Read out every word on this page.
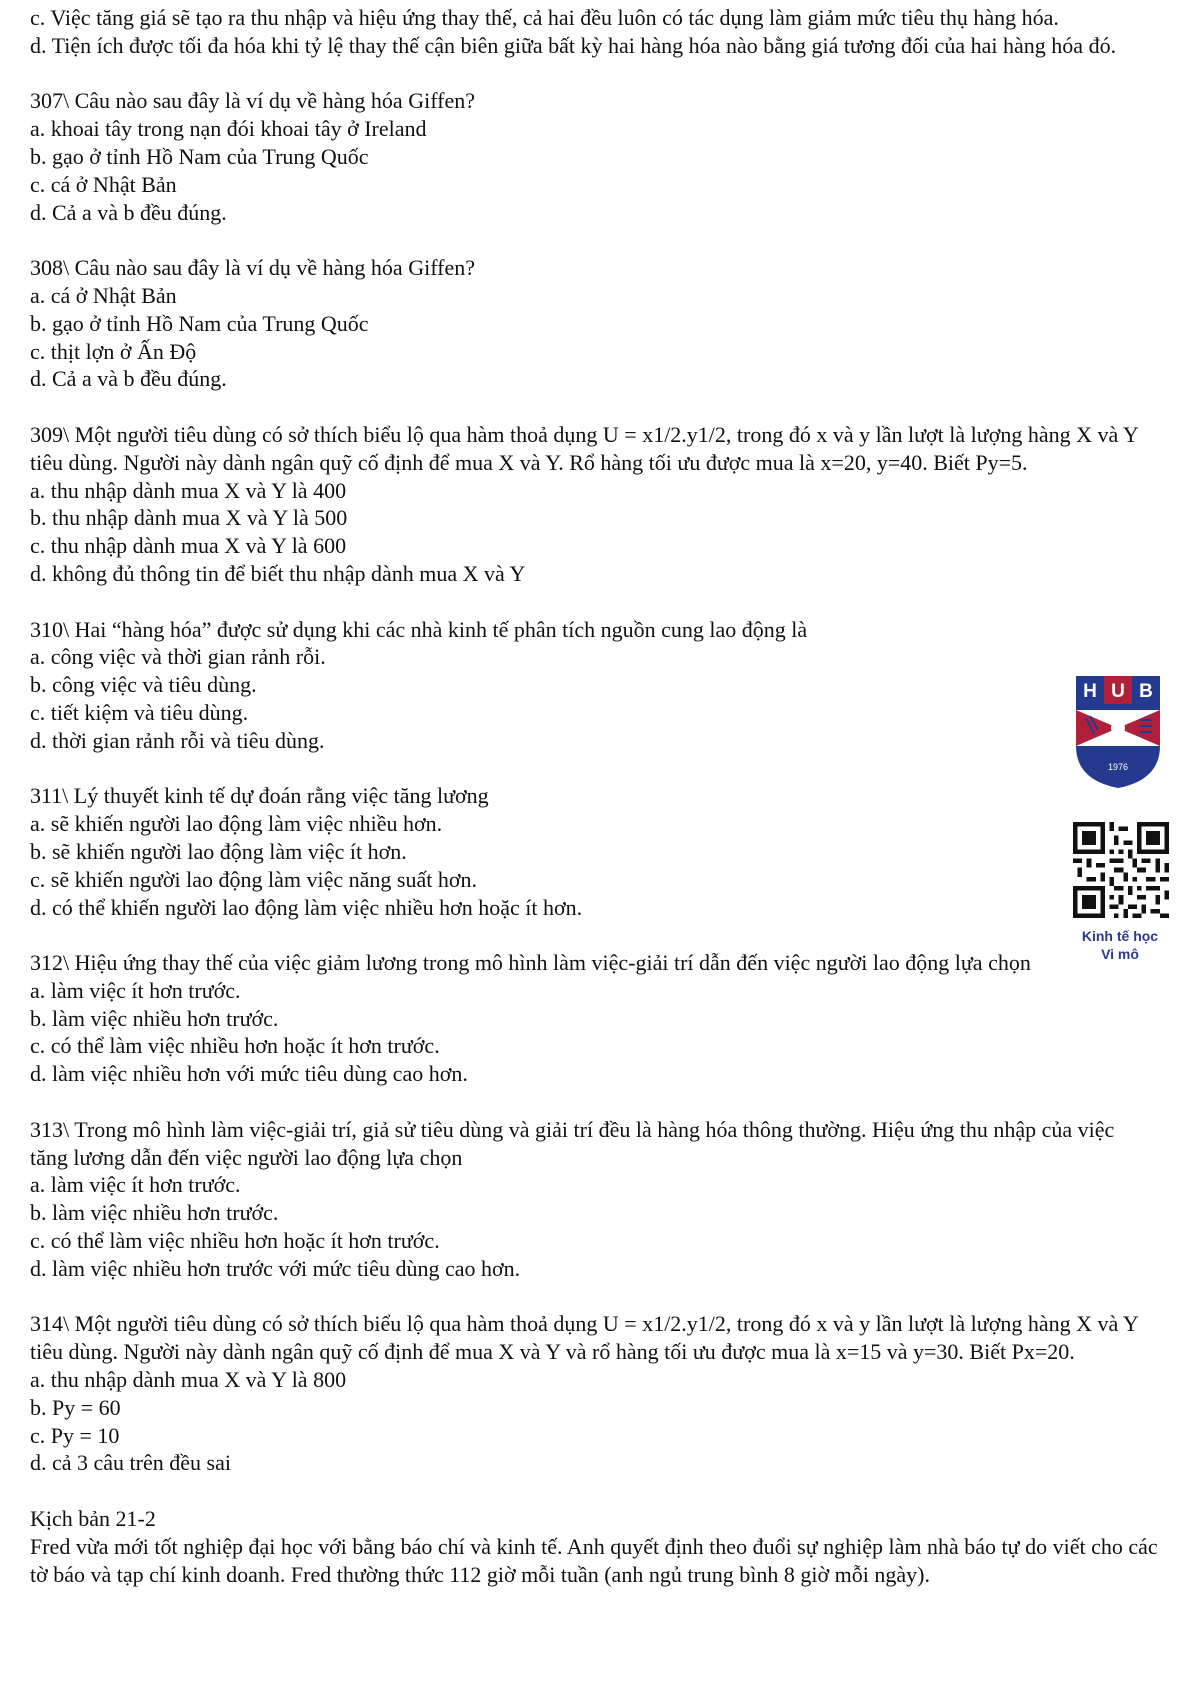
c. Việc tăng giá sẽ tạo ra thu nhập và hiệu ứng thay thế, cả hai đều luôn có tác dụng làm giảm mức tiêu thụ hàng hóa.
d. Tiện ích được tối đa hóa khi tỷ lệ thay thế cận biên giữa bất kỳ hai hàng hóa nào bằng giá tương đối của hai hàng hóa đó.
307\ Câu nào sau đây là ví dụ về hàng hóa Giffen?
a. khoai tây trong nạn đói khoai tây ở Ireland
b. gạo ở tỉnh Hồ Nam của Trung Quốc
c. cá ở Nhật Bản
d. Cả a và b đều đúng.
308\ Câu nào sau đây là ví dụ về hàng hóa Giffen?
a. cá ở Nhật Bản
b. gạo ở tỉnh Hồ Nam của Trung Quốc
c. thịt lợn ở Ấn Độ
d. Cả a và b đều đúng.
309\ Một người tiêu dùng có sở thích biểu lộ qua hàm thoả dụng U = x1/2.y1/2, trong đó x và y lần lượt là lượng hàng X và Y tiêu dùng. Người này dành ngân quỹ cố định để mua X và Y. Rổ hàng tối ưu được mua là x=20, y=40. Biết Py=5.
a. thu nhập dành mua X và Y là 400
b. thu nhập dành mua X và Y là 500
c. thu nhập dành mua X và Y là 600
d. không đủ thông tin để biết thu nhập dành mua X và Y
310\ Hai “hàng hóa” được sử dụng khi các nhà kinh tế phân tích nguồn cung lao động là
a. công việc và thời gian rảnh rỗi.
b. công việc và tiêu dùng.
c. tiết kiệm và tiêu dùng.
d. thời gian rảnh rỗi và tiêu dùng.
311\ Lý thuyết kinh tế dự đoán rằng việc tăng lương
a. sẽ khiến người lao động làm việc nhiều hơn.
b. sẽ khiến người lao động làm việc ít hơn.
c. sẽ khiến người lao động làm việc năng suất hơn.
d. có thể khiến người lao động làm việc nhiều hơn hoặc ít hơn.
312\ Hiệu ứng thay thế của việc giảm lương trong mô hình làm việc-giải trí dẫn đến việc người lao động lựa chọn
a. làm việc ít hơn trước.
b. làm việc nhiều hơn trước.
c. có thể làm việc nhiều hơn hoặc ít hơn trước.
d. làm việc nhiều hơn với mức tiêu dùng cao hơn.
313\ Trong mô hình làm việc-giải trí, giả sử tiêu dùng và giải trí đều là hàng hóa thông thường. Hiệu ứng thu nhập của việc tăng lương dẫn đến việc người lao động lựa chọn
a. làm việc ít hơn trước.
b. làm việc nhiều hơn trước.
c. có thể làm việc nhiều hơn hoặc ít hơn trước.
d. làm việc nhiều hơn trước với mức tiêu dùng cao hơn.
314\ Một người tiêu dùng có sở thích biểu lộ qua hàm thoả dụng U = x1/2.y1/2, trong đó x và y lần lượt là lượng hàng X và Y tiêu dùng. Người này dành ngân quỹ cố định để mua X và Y và rổ hàng tối ưu được mua là x=15 và y=30. Biết Px=20.
a. thu nhập dành mua X và Y là 800
b. Py = 60
c. Py = 10
d. cả 3 câu trên đều sai
Kịch bản 21-2
Fred vừa mới tốt nghiệp đại học với bằng báo chí và kinh tế. Anh quyết định theo đuổi sự nghiệp làm nhà báo tự do viết cho các tờ báo và tạp chí kinh doanh. Fred thường thức 112 giờ mỗi tuần (anh ngủ trung bình 8 giờ mỗi ngày).
H U B
1976
Kinh tế học
Vi mô
